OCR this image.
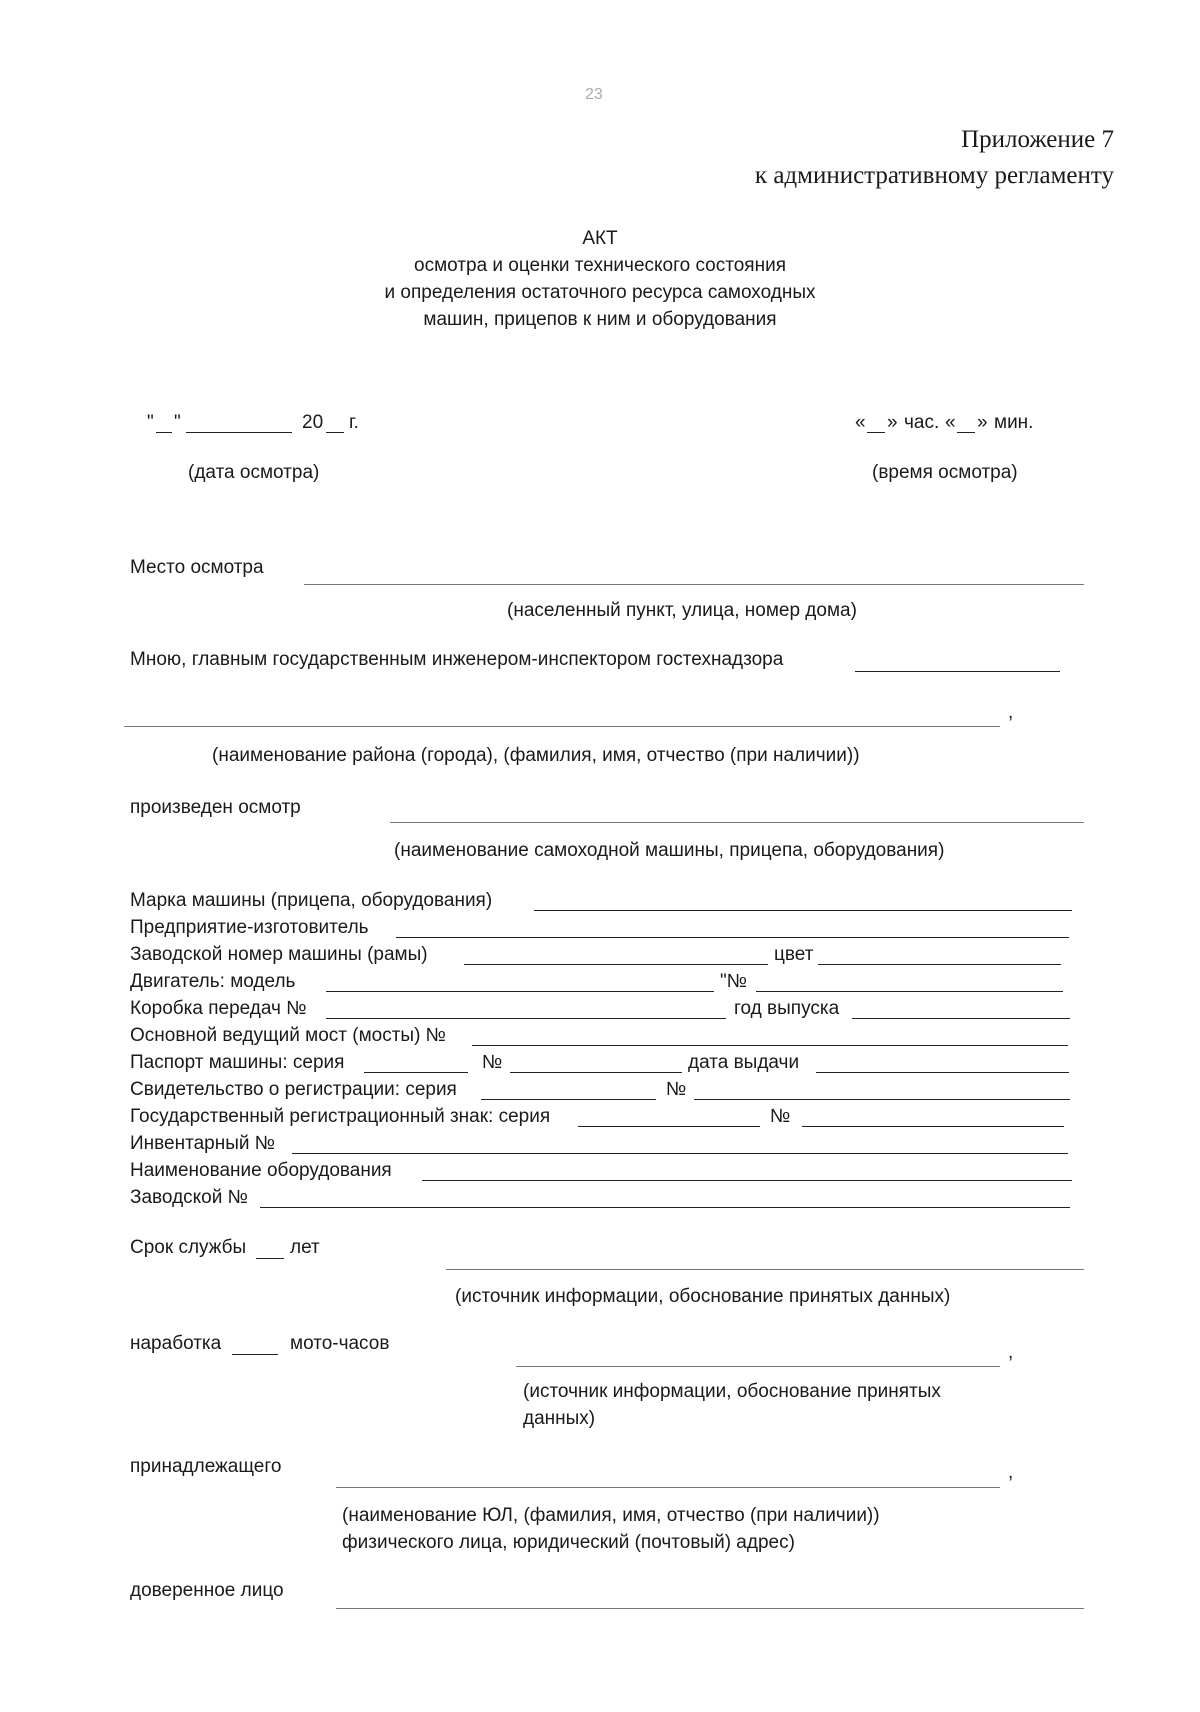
23
Приложение 7
к административному регламенту
АКТ
осмотра и оценки технического состояния
и определения остаточного ресурса самоходных
машин, прицепов к ним и оборудования
" "	20 г.
(дата осмотра)
« » час. « » мин.
(время осмотра)
Место осмотра
(населенный пункт, улица, номер дома)
Мною, главным государственным инженером-инспектором гостехнадзора
,
(наименование района (города), (фамилия, имя, отчество (при наличии))
произведен осмотр
(наименование самоходной машины, прицепа, оборудования)
Марка машины (прицепа, оборудования)
Предприятие-изготовитель
Заводской номер машины (рамы)	цвет
Двигатель: модель	"№
Коробка передач №	год выпуска
Основной ведущий мост (мосты) №
Паспорт машины: серия	№	дата выдачи
Свидетельство о регистрации: серия	№
Государственный регистрационный знак: серия	№
Инвентарный №
Наименование оборудования
Заводской №
Срок службы лет
(источник информации, обоснование принятых данных)
наработка	мото-часов	,
(источник информации, обоснование принятых
данных)
принадлежащего	,
(наименование ЮЛ, (фамилия, имя, отчество (при наличии))
физического лица, юридический (почтовый) адрес)
доверенное лицо
